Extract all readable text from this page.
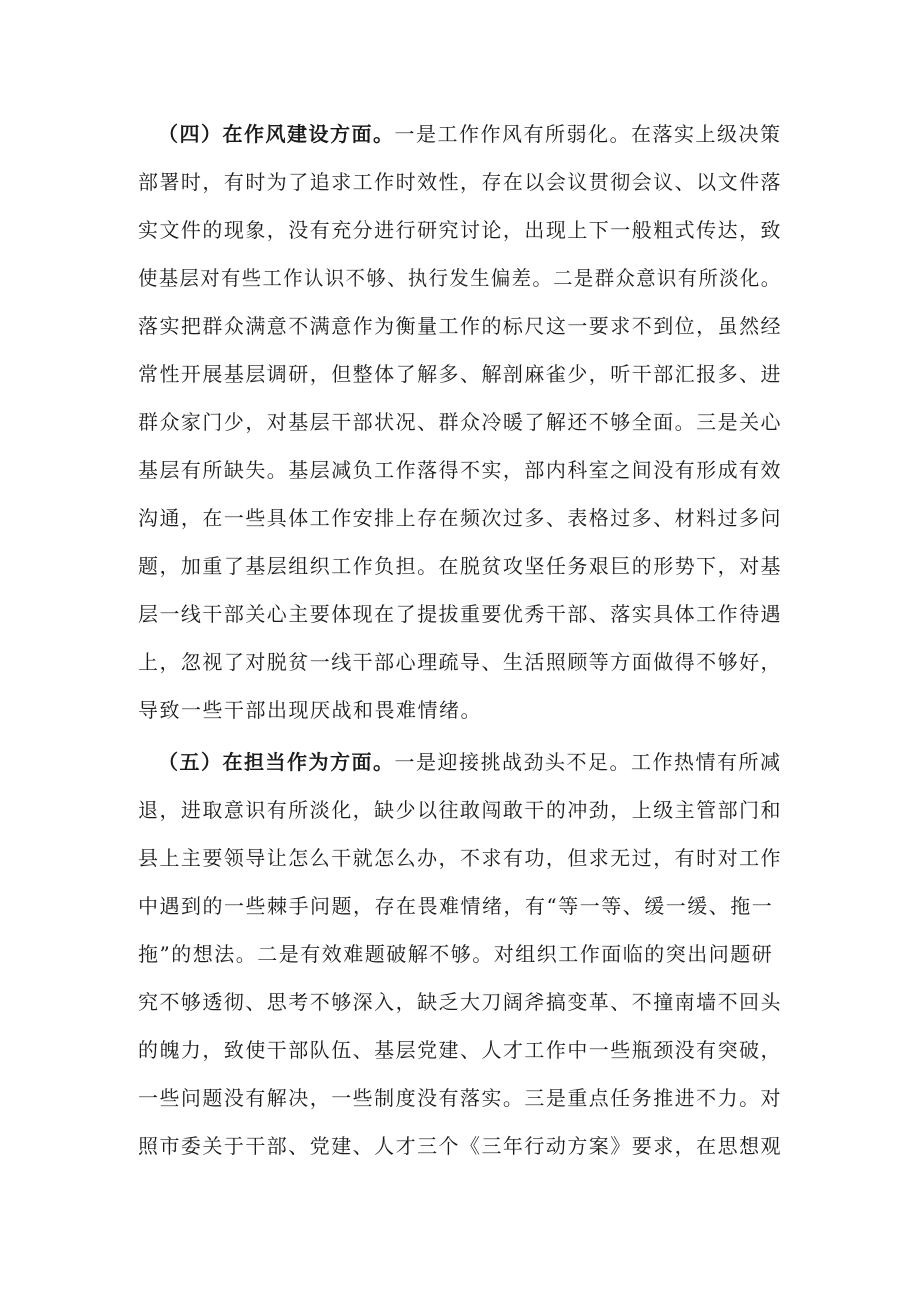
（四）在作风建设方面。一是工作作风有所弱化。在落实上级决策
部署时，有时为了追求工作时效性，存在以会议贯彻会议、以文件落
实文件的现象，没有充分进行研究讨论，出现上下一般粗式传达，致
使基层对有些工作认识不够、执行发生偏差。二是群众意识有所淡化。
落实把群众满意不满意作为衡量工作的标尺这一要求不到位，虽然经
常性开展基层调研，但整体了解多、解剖麻雀少，听干部汇报多、进
群众家门少，对基层干部状况、群众冷暖了解还不够全面。三是关心
基层有所缺失。基层减负工作落得不实，部内科室之间没有形成有效
沟通，在一些具体工作安排上存在频次过多、表格过多、材料过多问
题，加重了基层组织工作负担。在脱贫攻坚任务艰巨的形势下，对基
层一线干部关心主要体现在了提拔重要优秀干部、落实具体工作待遇
上，忽视了对脱贫一线干部心理疏导、生活照顾等方面做得不够好，
导致一些干部出现厌战和畏难情绪。
（五）在担当作为方面。一是迎接挑战劲头不足。工作热情有所减
退，进取意识有所淡化，缺少以往敢闯敢干的冲劲，上级主管部门和
县上主要领导让怎么干就怎么办，不求有功，但求无过，有时对工作
中遇到的一些棘手问题，存在畏难情绪，有“等一等、缓一缓、拖一
拖”的想法。二是有效难题破解不够。对组织工作面临的突出问题研
究不够透彻、思考不够深入，缺乏大刀阔斧搞变革、不撞南墙不回头
的魄力，致使干部队伍、基层党建、人才工作中一些瓶颈没有突破，
一些问题没有解决，一些制度没有落实。三是重点任务推进不力。对
照市委关于干部、党建、人才三个《三年行动方案》要求，在思想观
